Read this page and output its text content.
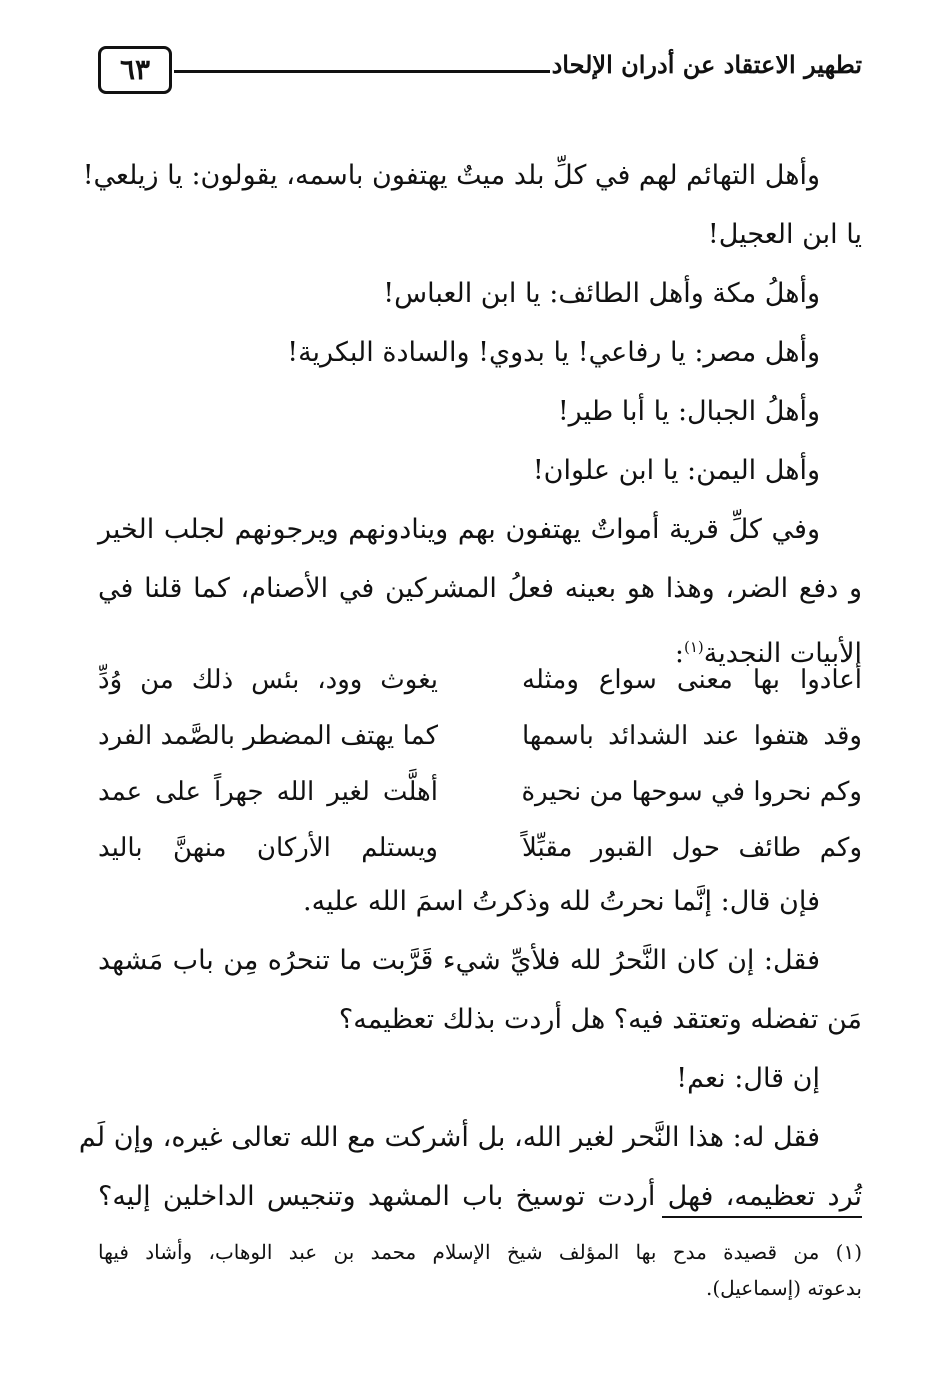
٦٣	تطهير الاعتقاد عن أدران الإلحاد
وأهل التهائم لهم في كلِّ بلد ميتٌ يهتفون باسمه، يقولون: يا زيلعي!
يا ابن العجيل!
وأهلُ مكة وأهل الطائف: يا ابن العباس!
وأهل مصر: يا رفاعي! يا بدوي! والسادة البكرية!
وأهلُ الجبال: يا أبا طير!
وأهل اليمن: يا ابن علوان!
وفي كلِّ قرية أمواتٌ يهتفون بهم وينادونهم ويرجونهم لجلب الخير
و دفع الضر، وهذا هو بعينه فعلُ المشركين في الأصنام، كما قلنا في
الأبيات النجدية$^{(١)}$:
أعادوا بها معنى سواع ومثله
يغوث وود، بئس ذلك من وُدِّ
وقد هتفوا عند الشدائد باسمها
كما يهتف المضطر بالصَّمد الفرد
وكم نحروا في سوحها من نحيرة
أهلَّت لغير الله جهراً على عمد
وكم طائف حول القبور مقبِّلاً
ويستلم الأركان منهنَّ باليد
فإن قال: إنَّما نحرتُ لله وذكرتُ اسمَ الله عليه.
فقل: إن كان النَّحرُ لله فلأيِّ شيء قَرَّبت ما تنحرُه مِن باب مَشهد
مَن تفضله وتعتقد فيه؟ هل أردت بذلك تعظيمه؟
إن قال: نعم!
فقل له: هذا النَّحر لغير الله، بل أشركت مع الله تعالى غيره، وإن لَم
تُرد تعظيمه، فهل أردت توسيخ باب المشهد وتنجيس الداخلين إليه؟
(١) من قصيدة مدح بها المؤلف شيخ الإسلام محمد بن عبد الوهاب، وأشاد فيها
بدعوته (إسماعيل).
